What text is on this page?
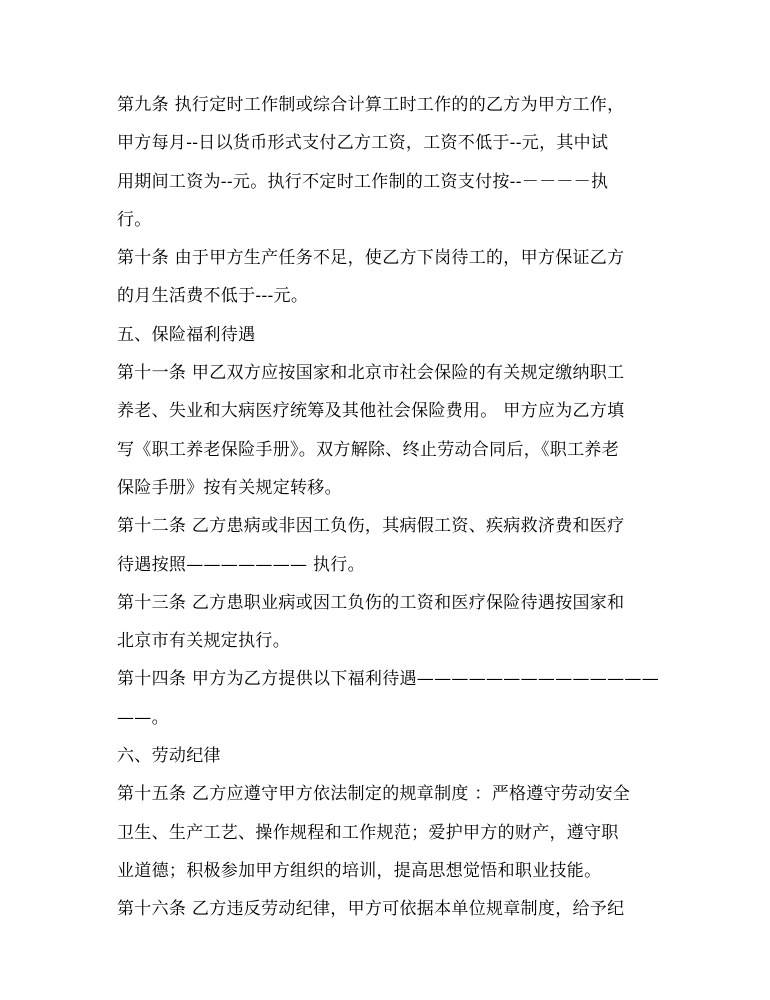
第九条 执行定时工作制或综合计算工时工作的的乙方为甲方工作，
甲方每月--日以货币形式支付乙方工资，工资不低于--元，其中试
用期间工资为--元。执行不定时工作制的工资支付按--－－－－执
行。
第十条 由于甲方生产任务不足，使乙方下岗待工的，甲方保证乙方
的月生活费不低于---元。
五、保险福利待遇
第十一条 甲乙双方应按国家和北京市社会保险的有关规定缴纳职工
养老、失业和大病医疗统筹及其他社会保险费用。 甲方应为乙方填
写《职工养老保险手册》。双方解除、终止劳动合同后，《职工养老
保险手册》按有关规定转移。
第十二条 乙方患病或非因工负伤，其病假工资、疾病救济费和医疗
待遇按照——————— 执行。
第十三条 乙方患职业病或因工负伤的工资和医疗保险待遇按国家和
北京市有关规定执行。
第十四条 甲方为乙方提供以下福利待遇——————————————
——。
六、劳动纪律
第十五条 乙方应遵守甲方依法制定的规章制度 ：严格遵守劳动安全
卫生、生产工艺、操作规程和工作规范；爱护甲方的财产，遵守职
业道德；积极参加甲方组织的培训，提高思想觉悟和职业技能。
第十六条 乙方违反劳动纪律，甲方可依据本单位规章制度，给予纪
